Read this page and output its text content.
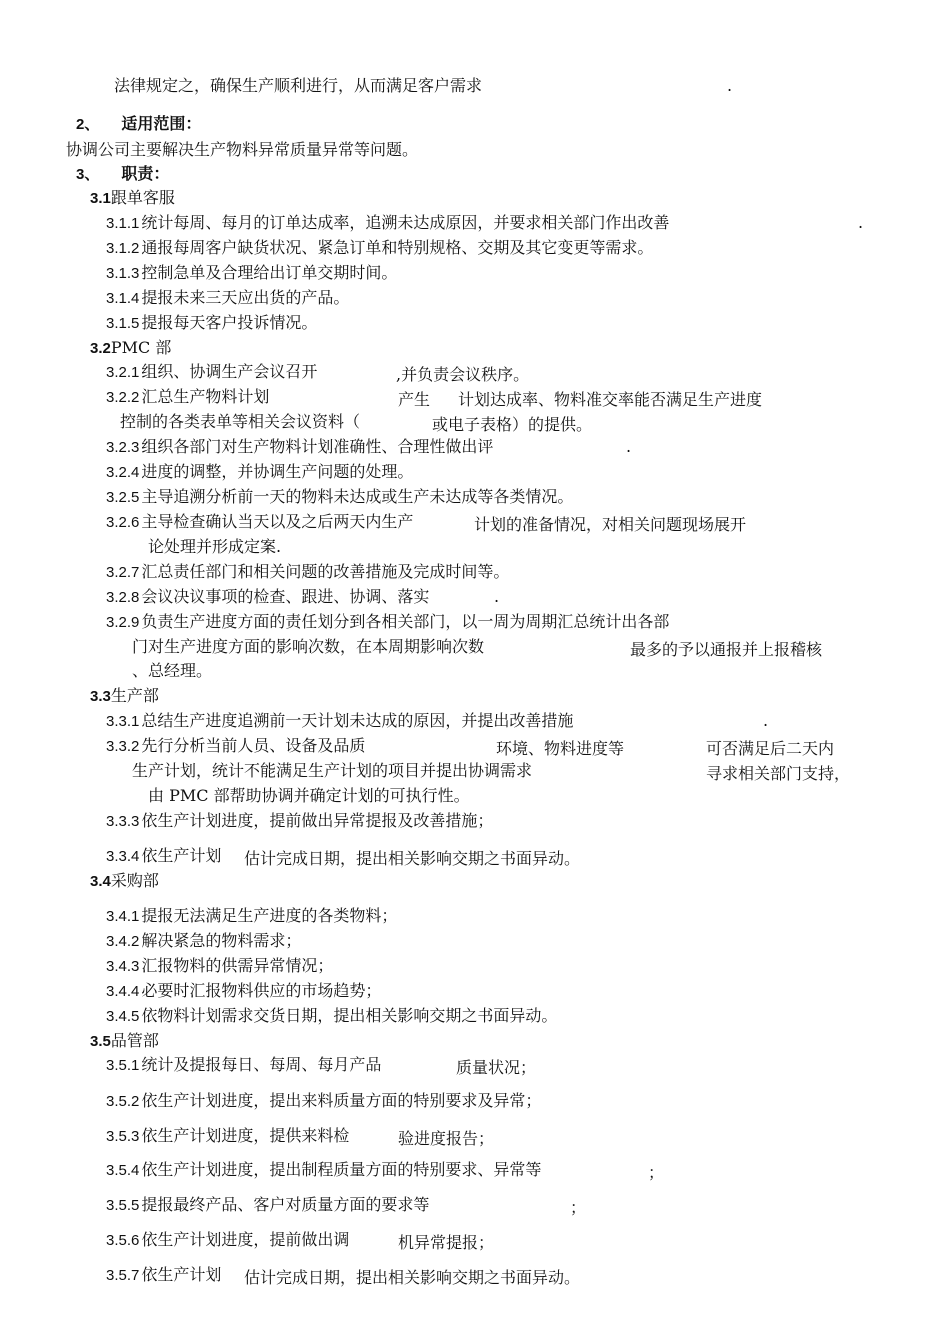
法律规定之，确保生产顺利进行，从而满足客户需求	.
2、 适用范围：
协调公司主要解决生产物料异常质量异常等问题。
3、 职责：
3.1跟单客服
3.1.1 统计每周、每月的订单达成率，追溯未达成原因，并要求相关部门作出改善	.
3.1.2 通报每周客户缺货状况、紧急订单和特别规格、交期及其它变更等需求。
3.1.3 控制急单及合理给出订单交期时间。
3.1.4 提报未来三天应出货的产品。
3.1.5 提报每天客户投诉情况。
3.2PMC 部
3.2.1 组织、协调生产会议召开	,并负责会议秩序。
3.2.2 汇总生产物料计划	产生 计划达成率、物料准交率能否满足生产进度
控制的各类表单等相关会议资料（	或电子表格）的提供。
3.2.3 组织各部门对生产物料计划准确性、合理性做出评	.
3.2.4 进度的调整，并协调生产问题的处理。
3.2.5 主导追溯分析前一天的物料未达成或生产未达成等各类情况。
3.2.6 主导检查确认当天以及之后两天内生产	计划的准备情况，对相关问题现场展开
论处理并形成定案.
3.2.7 汇总责任部门和相关问题的改善措施及完成时间等。
3.2.8 会议决议事项的检查、跟进、协调、落实	.
3.2.9 负责生产进度方面的责任划分到各相关部门，以一周为周期汇总统计出各部
门对生产进度方面的影响次数，在本周期影响次数	最多的予以通报并上报稽核
、总经理。
3.3生产部
3.3.1 总结生产进度追溯前一天计划未达成的原因，并提出改善措施	.
3.3.2 先行分析当前人员、设备及品质	环境、物料进度等	可否满足后二天内
生产计划，统计不能满足生产计划的项目并提出协调需求	寻求相关部门支持，
由 PMC 部帮助协调并确定计划的可执行性。
3.3.3 依生产计划进度，提前做出异常提报及改善措施；
3.3.4 依生产计划 估计完成日期，提出相关影响交期之书面异动。
3.4采购部
3.4.1 提报无法满足生产进度的各类物料；
3.4.2 解决紧急的物料需求；
3.4.3 汇报物料的供需异常情况；
3.4.4 必要时汇报物料供应的市场趋势；
3.4.5 依物料计划需求交货日期，提出相关影响交期之书面异动。
3.5品管部
3.5.1 统计及提报每日、每周、每月产品	质量状况；
3.5.2 依生产计划进度，提出来料质量方面的特别要求及异常；
3.5.3 依生产计划进度，提供来料检	验进度报告；
3.5.4 依生产计划进度，提出制程质量方面的特别要求、异常等	；
3.5.5 提报最终产品、客户对质量方面的要求等	；
3.5.6 依生产计划进度，提前做出调	机异常提报；
3.5.7 依生产计划 估计完成日期，提出相关影响交期之书面异动。
